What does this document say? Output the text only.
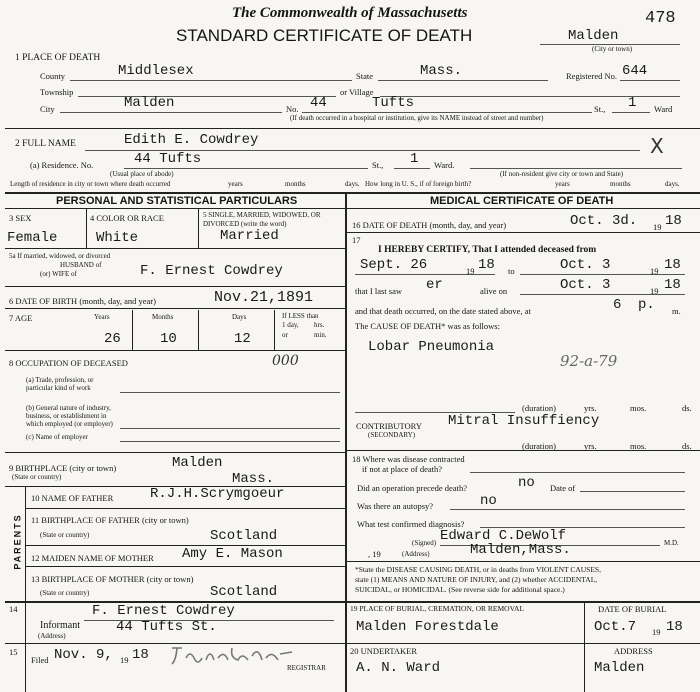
The Commonwealth of Massachusetts
STANDARD CERTIFICATE OF DEATH
478
Malden
(City or town)
1 PLACE OF DEATH
County	Middlesex	State	Mass.	Registered No. 644
Township	or Village
City	Malden	No. 44	Tufts	St., 1 Ward
(If death occurred in a hospital or institution, give its NAME instead of street and number)
2 FULL NAME	Edith E. Cowdrey	X
(a) Residence. No.	44 Tufts	St., 1 Ward.
(Usual place of abode)	(If non-resident give city or town and State)
Length of residence in city or town where death occurred	years	months	days. How long in U. S., if of foreign birth?	years	months	days.
PERSONAL AND STATISTICAL PARTICULARS	MEDICAL CERTIFICATE OF DEATH
3 SEX
Female
4 COLOR OR RACE
White
5 SINGLE, MARRIED, WIDOWED, OR
DIVORCED (write the word)
Married
5a If married, widowed, or divorced
HUSBAND of
(or) WIFE of	F. Ernest Cowdrey
6 DATE OF BIRTH (month, day, and year)	Nov.21,1891
7 AGE	Years	Months	Days
26	10	12
If LESS than
1 day, hrs.
or	min.
8 OCCUPATION OF DECEASED	000
(a) Trade, profession, or
particular kind of work
(b) General nature of industry,
business, or establishment in
which employed (or employer)
(c) Name of employer
9 BIRTHPLACE (city or town)	Malden
(State or country)	Mass.
PARENTS
10 NAME OF FATHER	R.J.H.Scrymgoeur
11 BIRTHPLACE OF FATHER (city or town)
(State or country)	Scotland
12 MAIDEN NAME OF MOTHER Amy E. Mason
13 BIRTHPLACE OF MOTHER (city or town)
(State or country)	Scotland
14
Informant
F. Ernest Cowdrey
(Address)
44 Tufts St.
15
Filed Nov. 9, 19 18
REGISTRAR
16 DATE OF DEATH (month, day, and year)	Oct. 3d. 19 18
17
I HEREBY CERTIFY, That I attended deceased from
Sept. 26	19 18 to	Oct. 3	19 18
that I last saw er	alive on	Oct. 3	19 18
and that death occurred, on the date stated above, at	6 p. m.
The CAUSE OF DEATH* was as follows:
Lobar Pneumonia
92-a-79
(duration)	yrs.	mos.	ds.
CONTRIBUTORY
(SECONDARY)
Mitral Insuffiency
(duration)	yrs.	mos.	ds.
18 Where was disease contracted
if not at place of death?
Did an operation precede death?	no Date of
Was there an autopsy?	no
What test confirmed diagnosis?
(Signed) Edward C.DeWolf	M.D.
, 19	(Address)	Malden,Mass.
*State the DISEASE CAUSING DEATH, or in deaths from VIOLENT CAUSES,
state (1) MEANS AND NATURE OF INJURY, and (2) whether ACCIDENTAL,
SUICIDAL, or HOMICIDAL. (See reverse side for additional space.)
19 PLACE OF BURIAL, CREMATION, OR REMOVAL
Malden Forestdale
DATE OF BURIAL
Oct.7 19 18
20 UNDERTAKER
A. N. Ward
ADDRESS
Malden
